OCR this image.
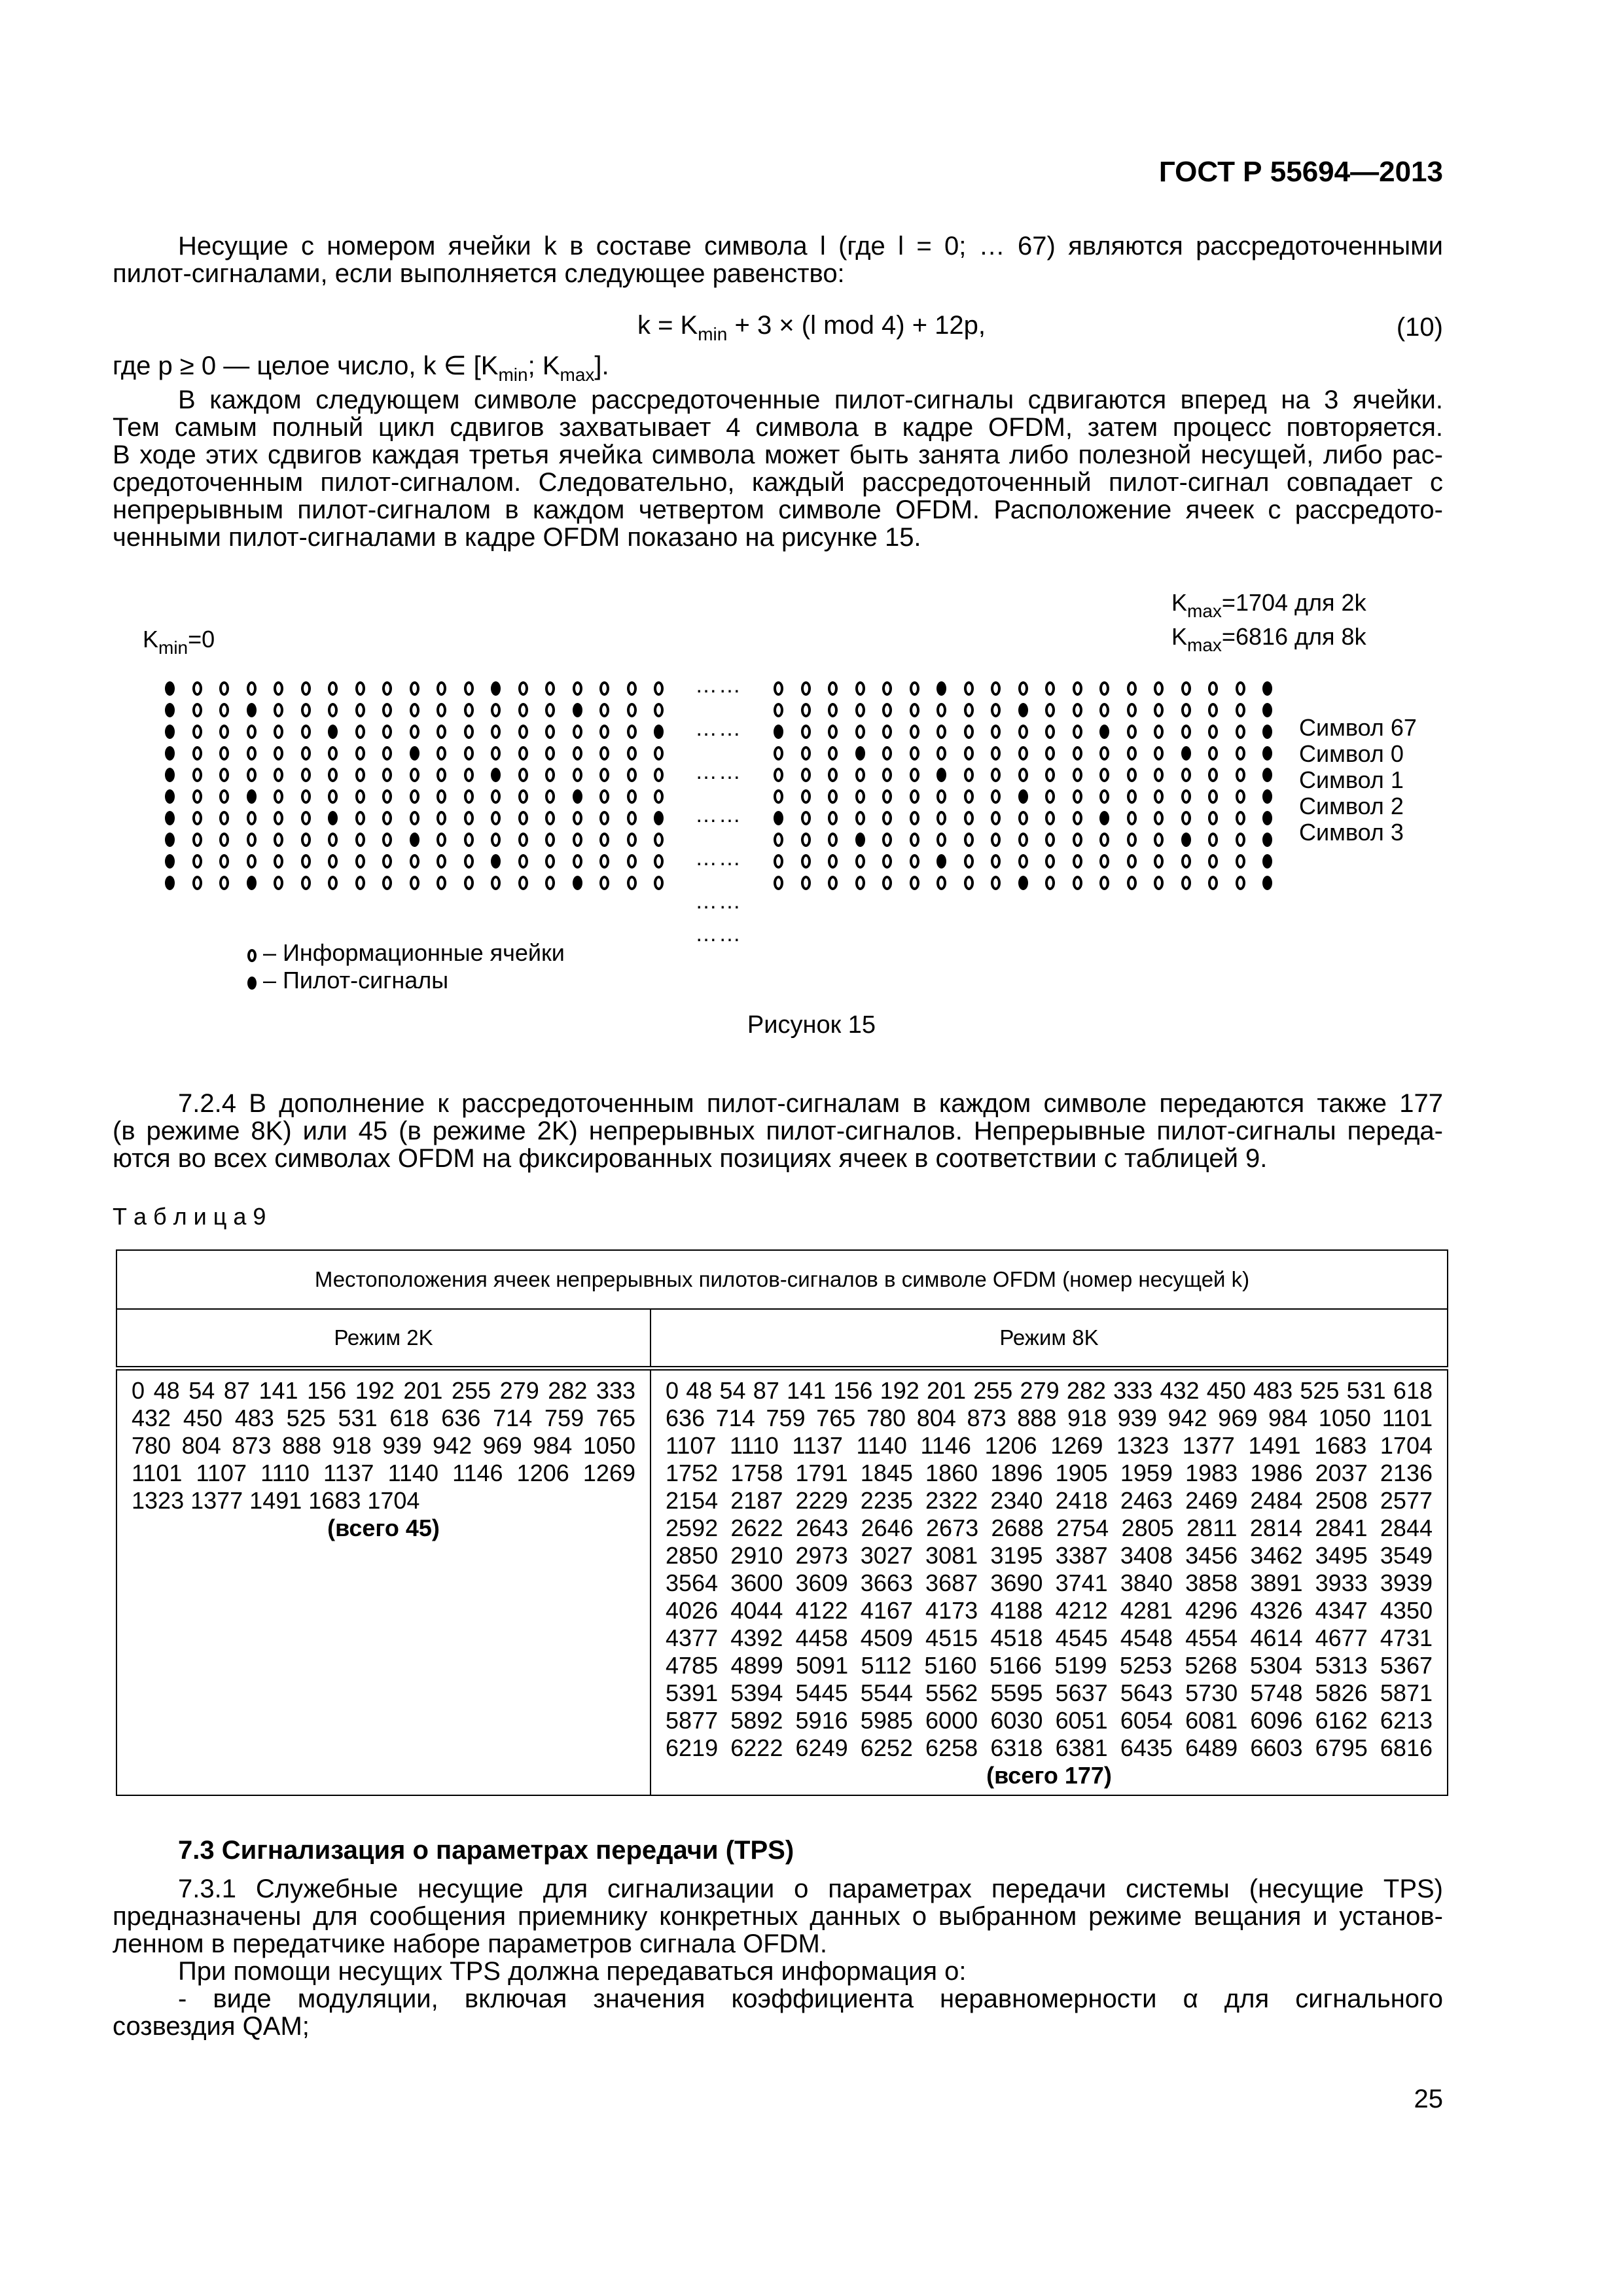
ГОСТ Р 55694—2013
Несущие с номером ячейки k в составе символа l (где l = 0; … 67) являются рассредоточенными
пилот-сигналами, если выполняется следующее равенство:
$k = K_{min} + 3 \times (l$ mod 4) + 12p,	(10)
где p ≥ 0 — целое число, k ∈ [$K_{min}$; $K_{max}$].
В каждом следующем символе рассредоточенные пилот-сигналы сдвигаются вперед на 3 ячейки.
Тем самым полный цикл сдвигов захватывает 4 символа в кадре OFDM, затем процесс повторяется.
В ходе этих сдвигов каждая третья ячейка символа может быть занята либо полезной несущей, либо рас-
средоточенным пилот-сигналом. Следовательно, каждый рассредоточенный пилот-сигнал совпадает с
непрерывным пилот-сигналом в каждом четвертом символе OFDM. Расположение ячеек с рассредото-
ченными пилот-сигналами в кадре OFDM показано на рисунке 15.
$K_{max}=1704$ для 2k
$K_{max}=6816$ для 8k
$K_{min}=0$
……
……
……
……
……
……
……
Символ 67
Символ 0
Символ 1
Символ 2
Символ 3
– Информационные ячейки
– Пилот-сигналы
Рисунок 15
7.2.4 В дополнение к рассредоточенным пилот-сигналам в каждом символе передаются также 177
(в режиме 8K) или 45 (в режиме 2K) непрерывных пилот-сигналов. Непрерывные пилот-сигналы переда-
ются во всех символах OFDM на фиксированных позициях ячеек в соответствии с таблицей 9.
Т а б л и ц а 9
Местоположения ячеек непрерывных пилотов-сигналов в символе OFDM (номер несущей k)	
Режим 2K	Режим 8K

0 48 54 87 141 156 192 201 255 279 282 333
432 450 483 525 531 618 636 714 759 765
780 804 873 888 918 939 942 969 984 1050
1101 1107 1110 1137 1140 1146 1206 1269
1323 1377 1491 1683 1704
(всего 45)

0 48 54 87 141 156 192 201 255 279 282 333 432 450 483 525 531 618
636 714 759 765 780 804 873 888 918 939 942 969 984 1050 1101
1107 1110 1137 1140 1146 1206 1269 1323 1377 1491 1683 1704
1752 1758 1791 1845 1860 1896 1905 1959 1983 1986 2037 2136
2154 2187 2229 2235 2322 2340 2418 2463 2469 2484 2508 2577
2592 2622 2643 2646 2673 2688 2754 2805 2811 2814 2841 2844
2850 2910 2973 3027 3081 3195 3387 3408 3456 3462 3495 3549
3564 3600 3609 3663 3687 3690 3741 3840 3858 3891 3933 3939
4026 4044 4122 4167 4173 4188 4212 4281 4296 4326 4347 4350
4377 4392 4458 4509 4515 4518 4545 4548 4554 4614 4677 4731
4785 4899 5091 5112 5160 5166 5199 5253 5268 5304 5313 5367
5391 5394 5445 5544 5562 5595 5637 5643 5730 5748 5826 5871
5877 5892 5916 5985 6000 6030 6051 6054 6081 6096 6162 6213
6219 6222 6249 6252 6258 6318 6381 6435 6489 6603 6795 6816
(всего 177)
7.3 Сигнализация о параметрах передачи (TPS)
7.3.1 Служебные несущие для сигнализации о параметрах передачи системы (несущие TPS)
предназначены для сообщения приемнику конкретных данных о выбранном режиме вещания и установ-
ленном в передатчике наборе параметров сигнала OFDM.
При помощи несущих TPS должна передаваться информация о:
- виде модуляции, включая значения коэффициента неравномерности α для сигнального
созвездия QAM;
25
